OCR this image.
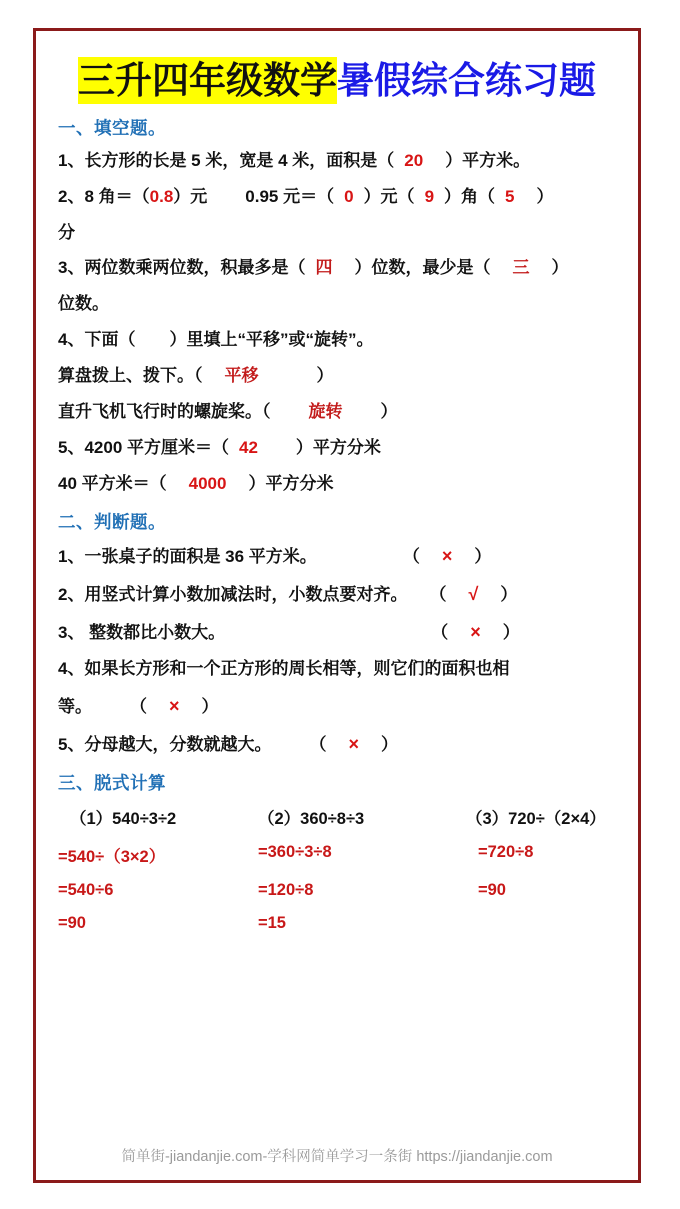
三升四年级数学暑假综合练习题
一、填空题。
1、长方形的长是 5 米，宽是 4 米，面积是（ 20 ）平方米。
2、8 角＝（0.8）元 0.95 元＝（ 0 ）元（ 9 ）角（ 5 ）
分
3、两位数乘两位数，积最多是（ 四 ）位数，最少是（ 三 ）
位数。
4、下面（　　）里填上“平移”或“旋转”。
算盘拨上、拨下。（ 平移	）
直升飞机飞行时的螺旋桨。（ 旋转 ）
5、4200 平方厘米＝（ 42 ）平方分米
40 平方米＝（ 4000 ）平方分米
二、判断题。
1、一张桌子的面积是 36 平方米。	（ × ）
2、用竖式计算小数加减法时，小数点要对齐。 （ √ ）
3、 整数都比小数大。	（ × ）
4、如果长方形和一个正方形的周长相等，则它们的面积也相
等。 （ × ）
5、分母越大，分数就越大。 （ × ）
三、脱式计算
（1）540÷3÷2	（2）360÷8÷3	（3）720÷（2×4）
=540÷（3×2）	=360÷3÷8	=720÷8
=540÷6	=120÷8	=90
=90	=15
简单街-jiandanjie.com-学科网简单学习一条街 https://jiandanjie.com
